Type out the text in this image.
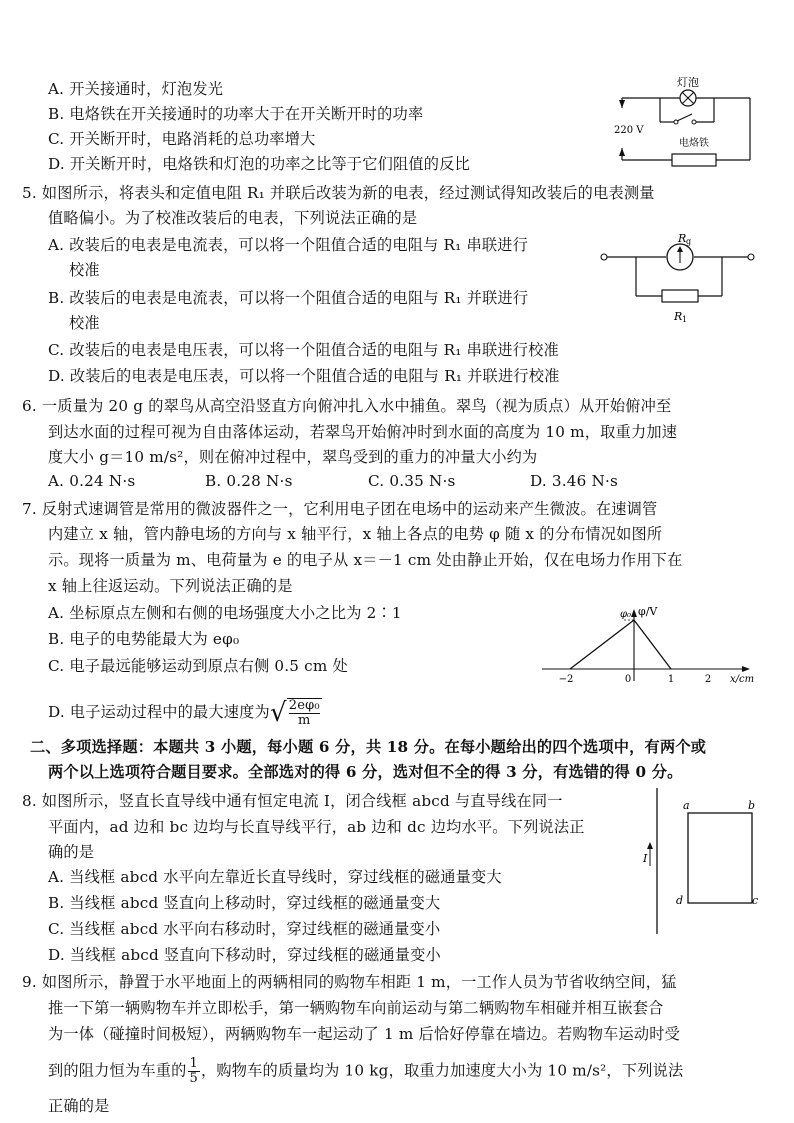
A. 开关接通时，灯泡发光
B. 电烙铁在开关接通时的功率大于在开关断开时的功率
C. 开关断开时，电路消耗的总功率增大
D. 开关断开时，电烙铁和灯泡的功率之比等于它们阻值的反比
灯泡
220 V
电烙铁
5. 如图所示，将表头和定值电阻 R₁ 并联后改装为新的电表，经过测试得知改装后的电表测量
值略偏小。为了校准改装后的电表，下列说法正确的是
A. 改装后的电表是电流表，可以将一个阻值合适的电阻与 R₁ 串联进行
校准
B. 改装后的电表是电流表，可以将一个阻值合适的电阻与 R₁ 并联进行
校准
C. 改装后的电表是电压表，可以将一个阻值合适的电阻与 R₁ 串联进行校准
D. 改装后的电表是电压表，可以将一个阻值合适的电阻与 R₁ 并联进行校准
R g
R 1
6. 一质量为 20 g 的翠鸟从高空沿竖直方向俯冲扎入水中捕鱼。翠鸟（视为质点）从开始俯冲至
到达水面的过程可视为自由落体运动，若翠鸟开始俯冲时到水面的高度为 10 m，取重力加速
度大小 g＝10 m/s²，则在俯冲过程中，翠鸟受到的重力的冲量大小约为
A. 0.24 N·s	B. 0.28 N·s	C. 0.35 N·s	D. 3.46 N·s
7. 反射式速调管是常用的微波器件之一，它利用电子团在电场中的运动来产生微波。在速调管
内建立 x 轴，管内静电场的方向与 x 轴平行，x 轴上各点的电势 φ 随 x 的分布情况如图所
示。现将一质量为 m、电荷量为 e 的电子从 x＝－1 cm 处由静止开始，仅在电场力作用下在
x 轴上往返运动。下列说法正确的是
A. 坐标原点左侧和右侧的电场强度大小之比为 2∶1
B. 电子的电势能最大为 eφ₀
C. 电子最远能够运动到原点右侧 0.5 cm 处
D. 电子运动过程中的最大速度为√ $\frac{\text{2eφ₀}}{m}$
φ₀ φ/V
−2	0	1	2 x/cm
二、多项选择题：本题共 3 小题，每小题 6 分，共 18 分。在每小题给出的四个选项中，有两个或
两个以上选项符合题目要求。全部选对的得 6 分，选对但不全的得 3 分，有选错的得 0 分。
8. 如图所示，竖直长直导线中通有恒定电流 I，闭合线框 abcd 与直导线在同一
平面内，ad 边和 bc 边均与长直导线平行，ab 边和 dc 边均水平。下列说法正
确的是
A. 当线框 abcd 水平向左靠近长直导线时，穿过线框的磁通量变大
B. 当线框 abcd 竖直向上移动时，穿过线框的磁通量变大
C. 当线框 abcd 水平向右移动时，穿过线框的磁通量变小
D. 当线框 abcd 竖直向下移动时，穿过线框的磁通量变小
I
a	b
c
d
9. 如图所示，静置于水平地面上的两辆相同的购物车相距 1 m，一工作人员为节省收纳空间，猛
推一下第一辆购物车并立即松手，第一辆购物车向前运动与第二辆购物车相碰并相互嵌套合
为一体（碰撞时间极短），两辆购物车一起运动了 1 m 后恰好停靠在墙边。若购物车运动时受
到的阻力恒为车重的 $\frac{1}{5}$ ，购物车的质量均为 10 kg，取重力加速度大小为 10 m/s²，下列说法
正确的是
